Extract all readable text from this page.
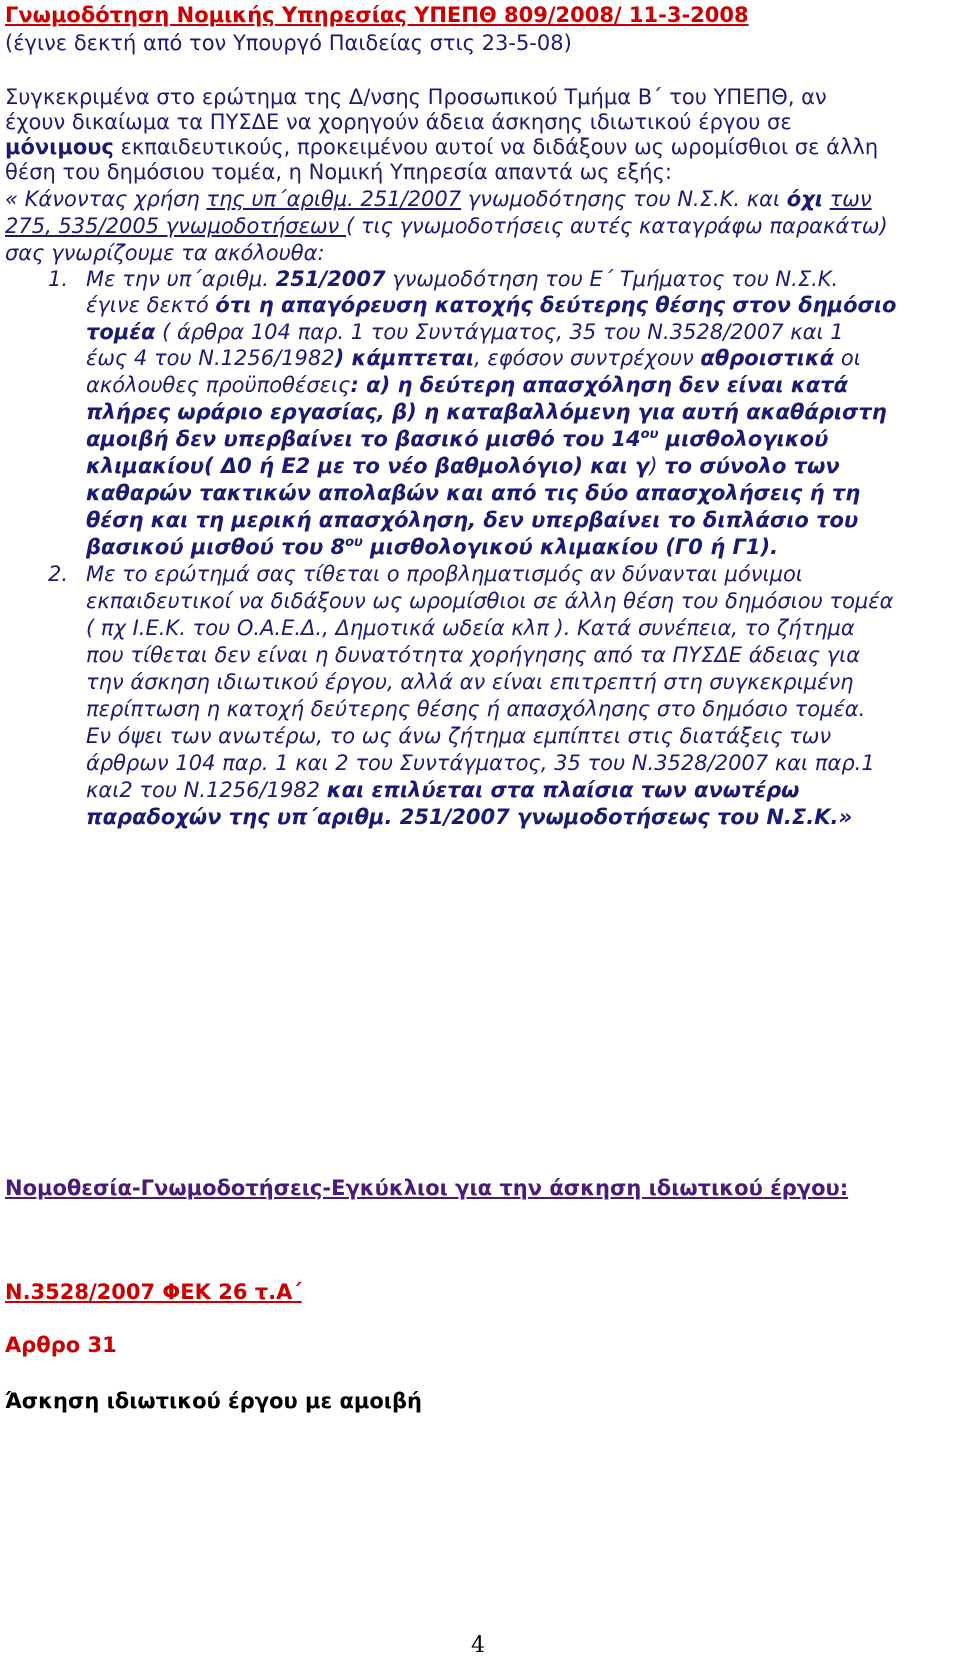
Γνωμοδότηση Νομικής Υπηρεσίας ΥΠΕΠΘ 809/2008/ 11-3-2008
(έγινε δεκτή από τον Υπουργό Παιδείας στις 23-5-08)
Συγκεκριμένα στο ερώτημα της Δ/νσης Προσωπικού Τμήμα Β΄ του ΥΠΕΠΘ, αν
έχουν δικαίωμα τα ΠΥΣΔΕ να χορηγούν άδεια άσκησης ιδιωτικού έργου σε
μόνιμους εκπαιδευτικούς, προκειμένου αυτοί να διδάξουν ως ωρομίσθιοι σε άλλη
θέση του δημόσιου τομέα, η Νομική Υπηρεσία απαντά ως εξής:
« Κάνοντας χρήση της υπ΄αριθμ. 251/2007 γνωμοδότησης του Ν.Σ.Κ. και όχι των
275, 535/2005 γνωμοδοτήσεων ( τις γνωμοδοτήσεις αυτές καταγράφω παρακάτω)
σας γνωρίζουμε τα ακόλουθα:
1. Με την υπ΄αριθμ. 251/2007 γνωμοδότηση του Ε΄ Τμήματος του Ν.Σ.Κ.
έγινε δεκτό ότι η απαγόρευση κατοχής δεύτερης θέσης στον δημόσιο
τομέα ( άρθρα 104 παρ. 1 του Συντάγματος, 35 του Ν.3528/2007 και 1
έως 4 του Ν.1256/1982) κάμπτεται, εφόσον συντρέχουν αθροιστικά οι
ακόλουθες προϋποθέσεις: α) η δεύτερη απασχόληση δεν είναι κατά
πλήρες ωράριο εργασίας, β) η καταβαλλόμενη για αυτή ακαθάριστη
αμοιβή δεν υπερβαίνει το βασικό μισθό του $14^{o\upsilon}$ μισθολογικού
κλιμακίου( Δ0 ή Ε2 με το νέο βαθμολόγιο) και γ) το σύνολο των
καθαρών τακτικών απολαβών και από τις δύο απασχολήσεις ή τη
θέση και τη μερική απασχόληση, δεν υπερβαίνει το διπλάσιο του
βασικού μισθού του $8^{o\upsilon}$ μισθολογικού κλιμακίου (Γ0 ή Γ1).
2. Με το ερώτημά σας τίθεται ο προβληματισμός αν δύνανται μόνιμοι
εκπαιδευτικοί να διδάξουν ως ωρομίσθιοι σε άλλη θέση του δημόσιου τομέα
( πχ Ι.Ε.Κ. του Ο.Α.Ε.Δ., Δημοτικά ωδεία κλπ ). Κατά συνέπεια, το ζήτημα
που τίθεται δεν είναι η δυνατότητα χορήγησης από τα ΠΥΣΔΕ άδειας για
την άσκηση ιδιωτικού έργου, αλλά αν είναι επιτρεπτή στη συγκεκριμένη
περίπτωση η κατοχή δεύτερης θέσης ή απασχόλησης στο δημόσιο τομέα.
Εν όψει των ανωτέρω, το ως άνω ζήτημα εμπίπτει στις διατάξεις των
άρθρων 104 παρ. 1 και 2 του Συντάγματος, 35 του Ν.3528/2007 και παρ.1
και2 του Ν.1256/1982 και επιλύεται στα πλαίσια των ανωτέρω
παραδοχών της υπ΄αριθμ. 251/2007 γνωμοδοτήσεως του Ν.Σ.Κ.»
Νομοθεσία-Γνωμοδοτήσεις-Εγκύκλιοι για την άσκηση ιδιωτικού έργου:
Ν.3528/2007 ΦΕΚ 26 τ.Α΄
Αρθρο 31
Άσκηση ιδιωτικού έργου με αμοιβή
4
